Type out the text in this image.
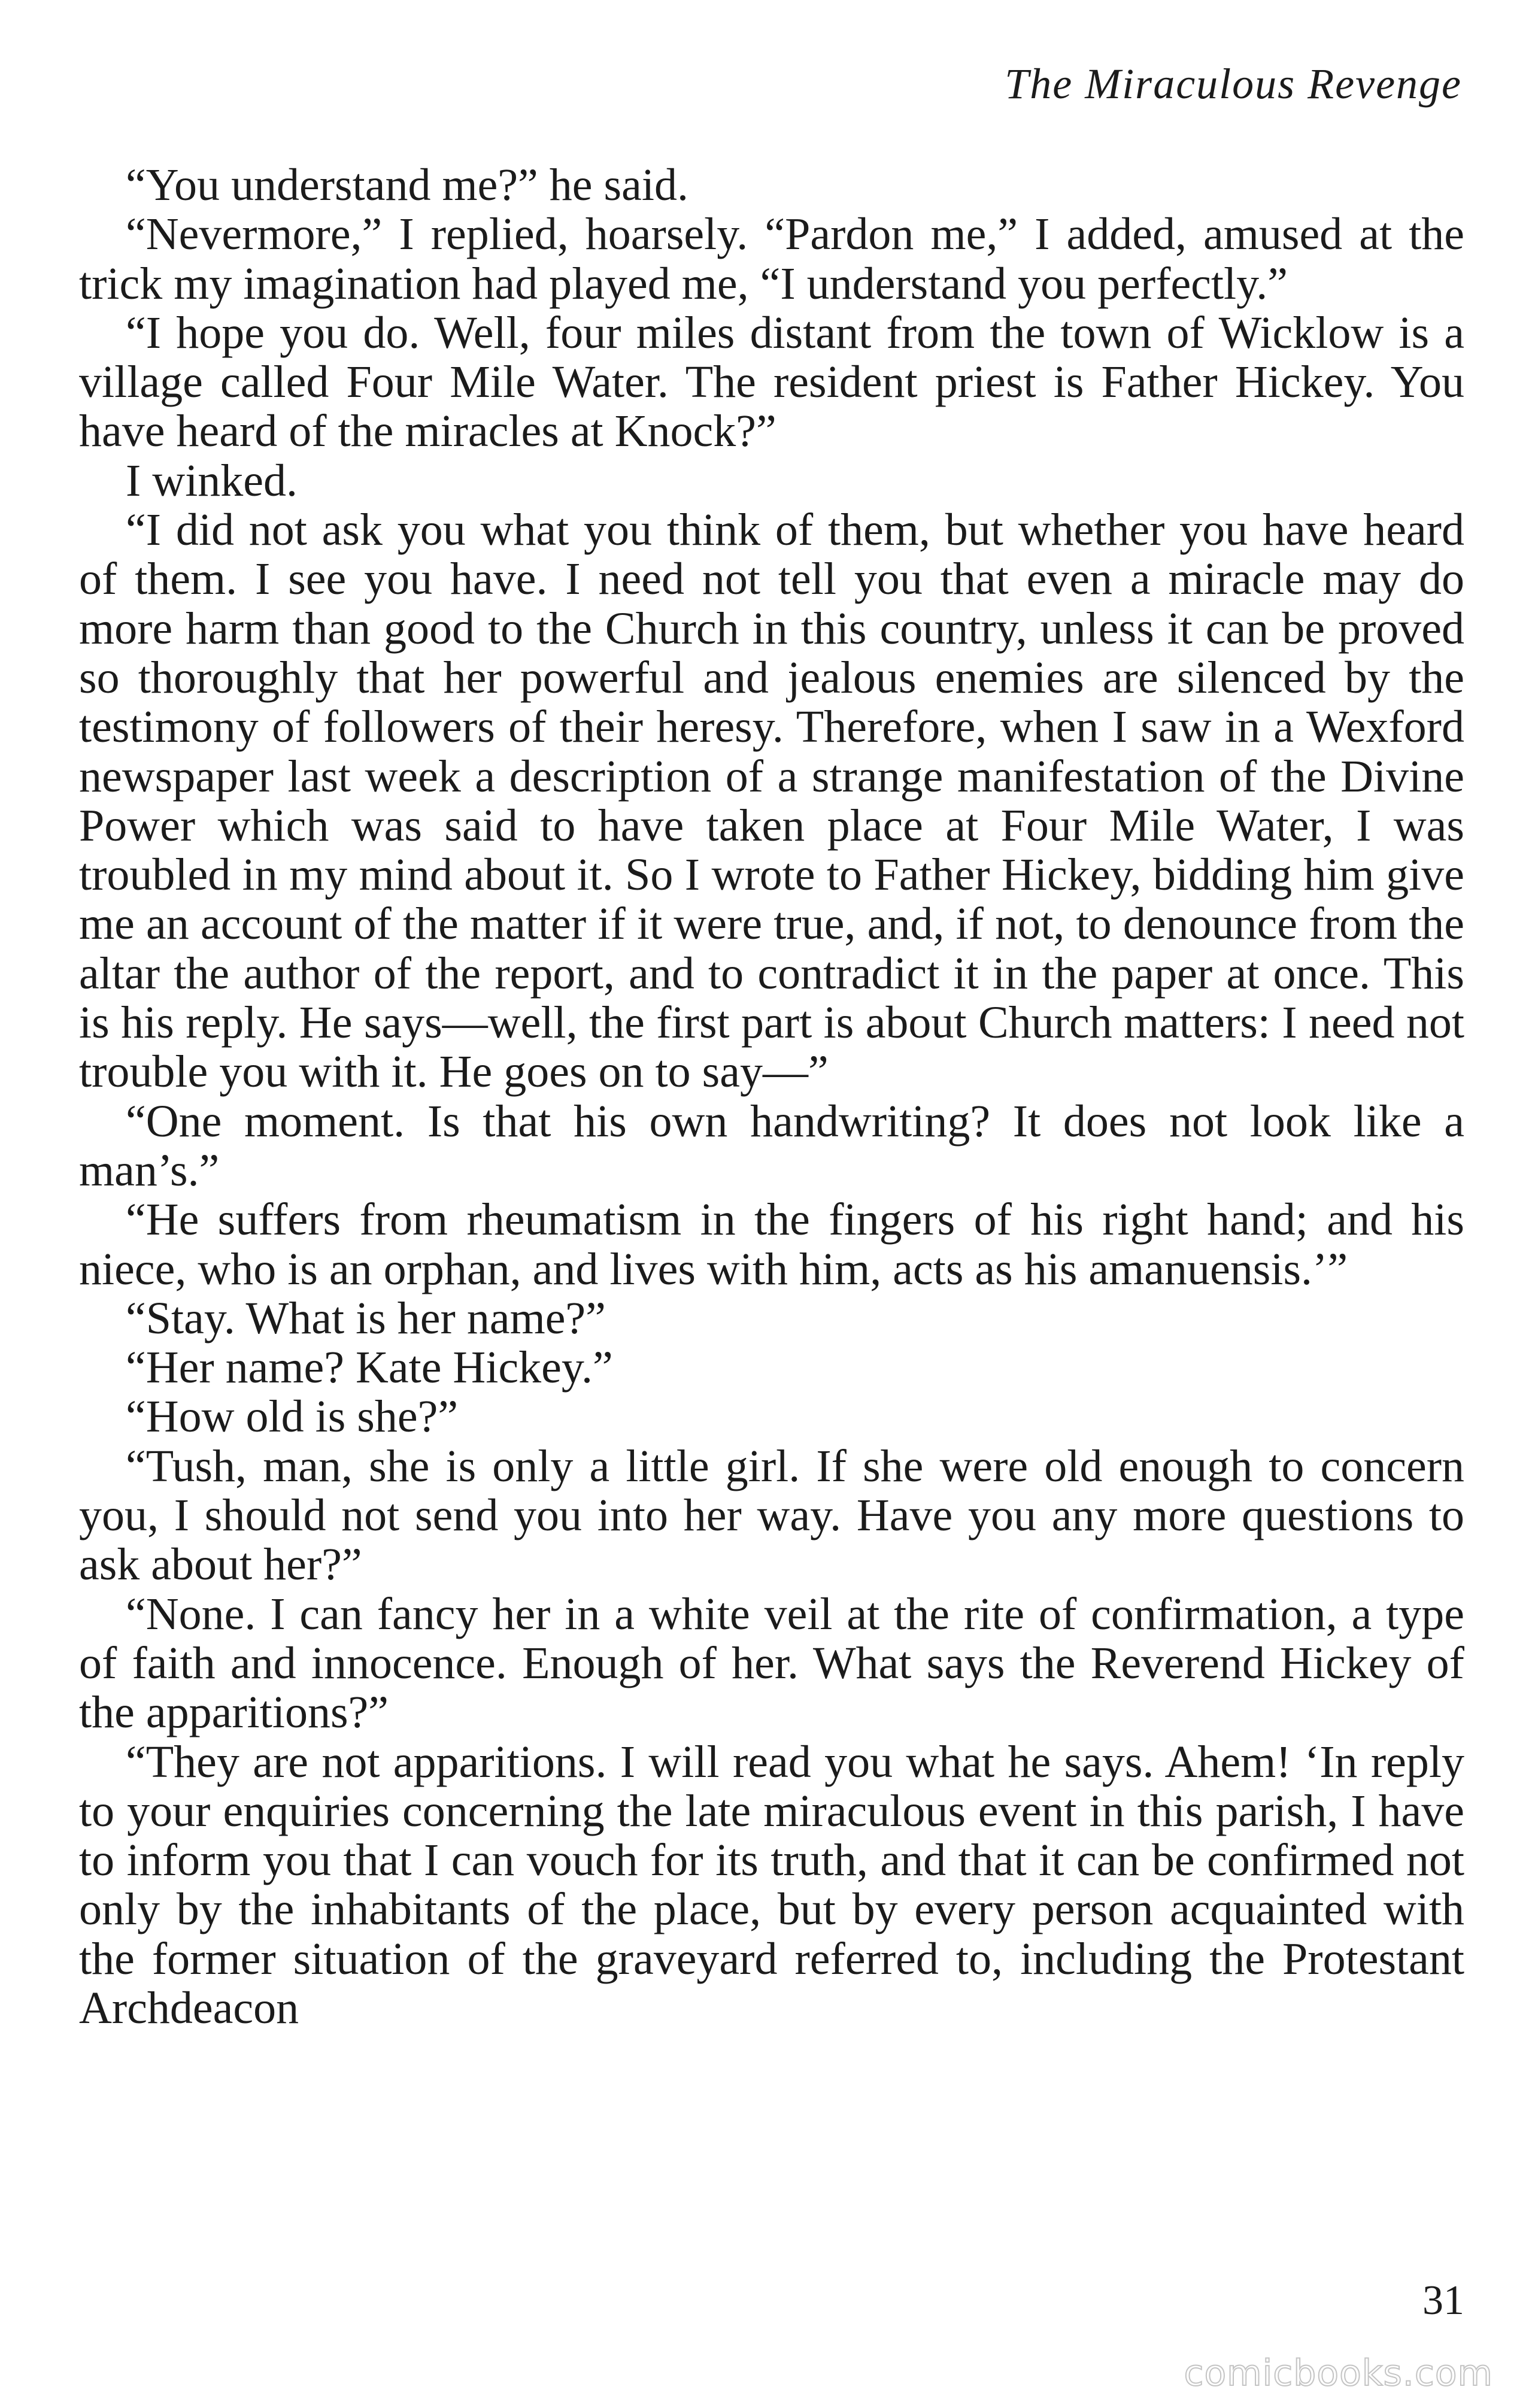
The Miraculous Revenge

“You understand me?” he said.

“Nevermore,” I replied, hoarsely. “Pardon me,” I added, amused at the trick my imagination had played me, “I understand you perfectly.”

“I hope you do. Well, four miles distant from the town of Wicklow is a village called Four Mile Water. The resident priest is Father Hickey. You have heard of the miracles at Knock?”

I winked.

“I did not ask you what you think of them, but whether you have heard of them. I see you have. I need not tell you that even a miracle may do more harm than good to the Church in this country, unless it can be proved so thoroughly that her powerful and jealous enemies are silenced by the testimony of followers of their heresy. Therefore, when I saw in a Wexford newspaper last week a description of a strange manifestation of the Divine Power which was said to have taken place at Four Mile Water, I was troubled in my mind about it. So I wrote to Father Hickey, bidding him give me an account of the matter if it were true, and, if not, to denounce from the altar the author of the report, and to contradict it in the paper at once. This is his reply. He says—well, the first part is about Church matters: I need not trouble you with it. He goes on to say—”

“One moment. Is that his own handwriting? It does not look like a man’s.”

“He suffers from rheumatism in the fingers of his right hand; and his niece, who is an orphan, and lives with him, acts as his amanuensis.’”

“Stay. What is her name?”

“Her name? Kate Hickey.”

“How old is she?”

“Tush, man, she is only a little girl. If she were old enough to concern you, I should not send you into her way. Have you any more questions to ask about her?”

“None. I can fancy her in a white veil at the rite of confirmation, a type of faith and innocence. Enough of her. What says the Reverend Hickey of the apparitions?”

“They are not apparitions. I will read you what he says. Ahem! ‘In reply to your enquiries concerning the late miraculous event in this parish, I have to inform you that I can vouch for its truth, and that it can be confirmed not only by the inhabitants of the place, but by every person acquainted with the former situation of the graveyard referred to, including the Protestant Archdeacon

31
comicbooks.com
